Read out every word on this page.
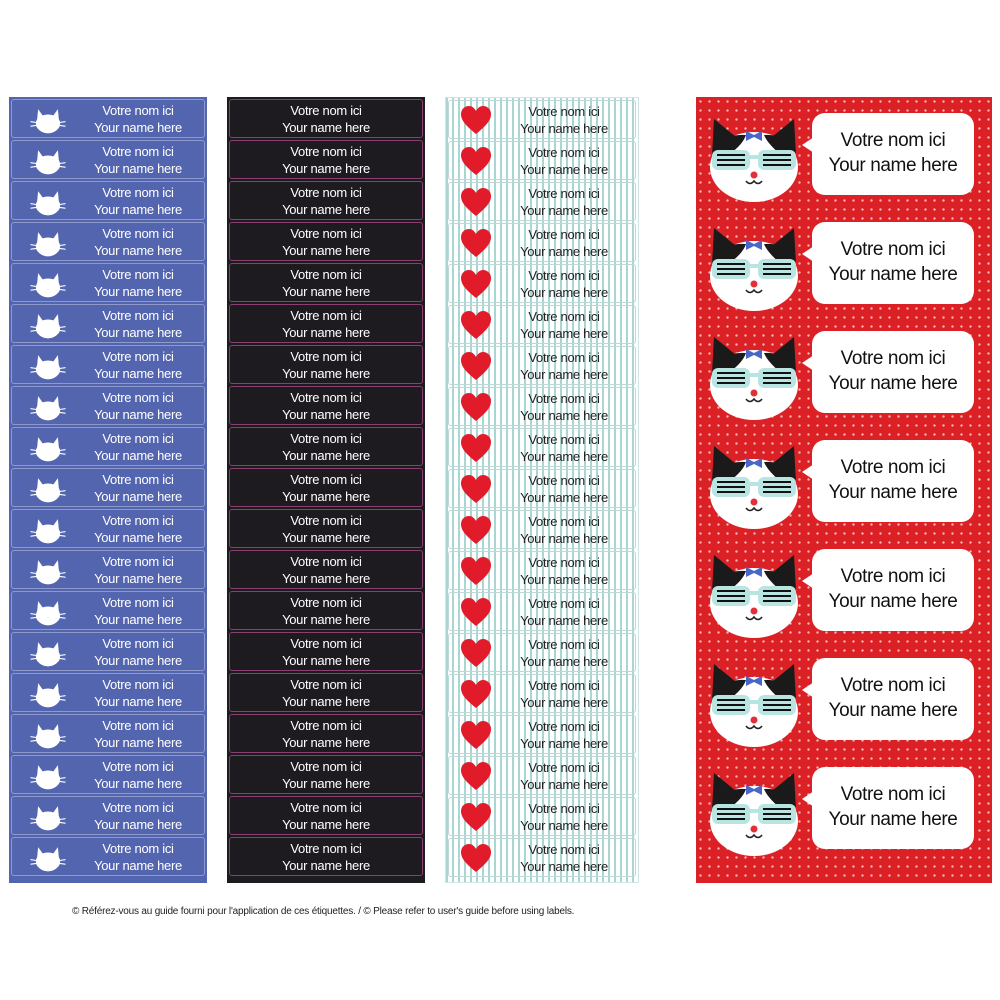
Votre nom ici
Your name here
Votre nom ici
Your name here
Votre nom ici
Your name here
Votre nom ici
Your name here
Votre nom ici
Your name here
Votre nom ici
Your name here
Votre nom ici
Your name here
Votre nom ici
Your name here
Votre nom ici
Your name here
Votre nom ici
Your name here
Votre nom ici
Your name here
Votre nom ici
Your name here
Votre nom ici
Your name here
Votre nom ici
Your name here
Votre nom ici
Your name here
Votre nom ici
Your name here
Votre nom ici
Your name here
Votre nom ici
Your name here
Votre nom ici
Your name here
Votre nom ici
Your name here
Votre nom ici
Your name here
Votre nom ici
Your name here
Votre nom ici
Your name here
Votre nom ici
Your name here
Votre nom ici
Your name here
Votre nom ici
Your name here
Votre nom ici
Your name here
Votre nom ici
Your name here
Votre nom ici
Your name here
Votre nom ici
Your name here
Votre nom ici
Your name here
Votre nom ici
Your name here
Votre nom ici
Your name here
Votre nom ici
Your name here
Votre nom ici
Your name here
Votre nom ici
Your name here
Votre nom ici
Your name here
Votre nom ici
Your name here
Votre nom ici
Your name here
Votre nom ici
Your name here
Votre nom ici
Your name here
Votre nom ici
Your name here
Votre nom ici
Your name here
Votre nom ici
Your name here
Votre nom ici
Your name here
Votre nom ici
Your name here
Votre nom ici
Your name here
Votre nom ici
Your name here
Votre nom ici
Your name here
Votre nom ici
Your name here
Votre nom ici
Your name here
Votre nom ici
Your name here
Votre nom ici
Your name here
Votre nom ici
Your name here
Votre nom ici
Your name here
Votre nom ici
Your name here
Votre nom ici
Your name here
Votre nom ici
Your name here
Votre nom ici
Your name here
Votre nom ici
Your name here
Votre nom ici
Your name here
Votre nom ici
Your name here
Votre nom ici
Your name here
Votre nom ici
Your name here
© Référez-vous au guide fourni pour l'application de ces étiquettes. / © Please refer to user's guide before using labels.
